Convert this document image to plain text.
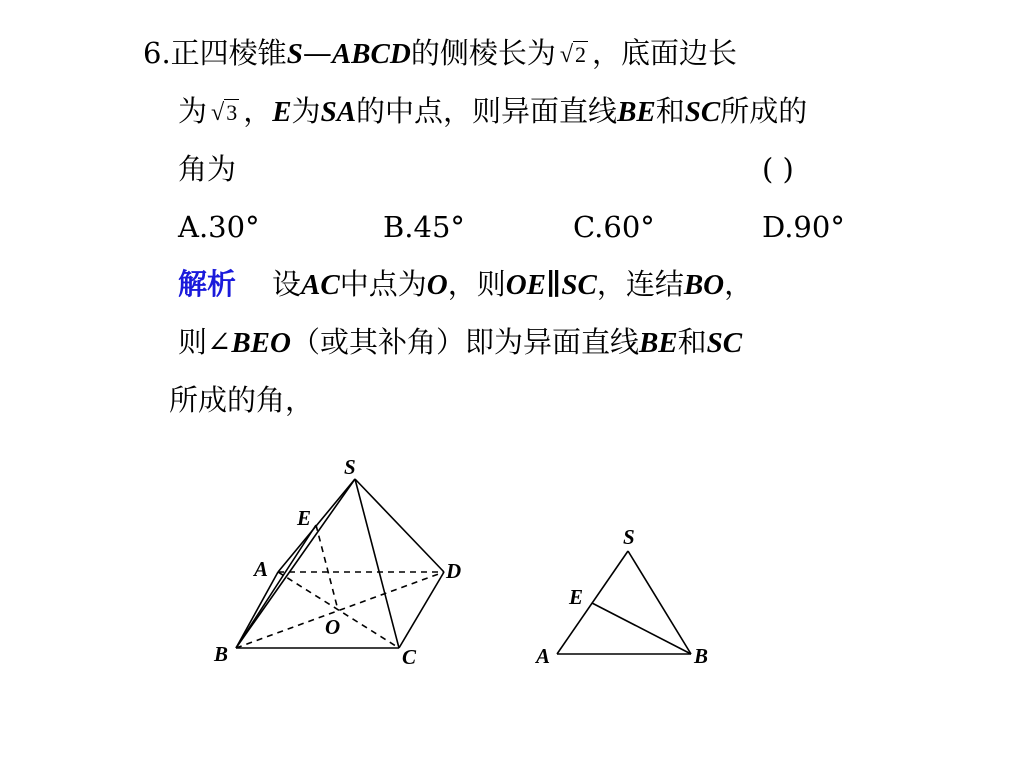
6.正四棱锥S—ABCD的侧棱长为 √2 ，底面边长
为 √3 ，E为SA的中点，则异面直线BE和SC所成的
角为	( )
A.30°	B.45°	C.60°	D.90°
解析 设AC中点为O，则OE∥SC，连结BO，
则∠BEO（或其补角）即为异面直线BE和SC
所成的角，
S
E
A	D
O
B	C
S
E
A	B
